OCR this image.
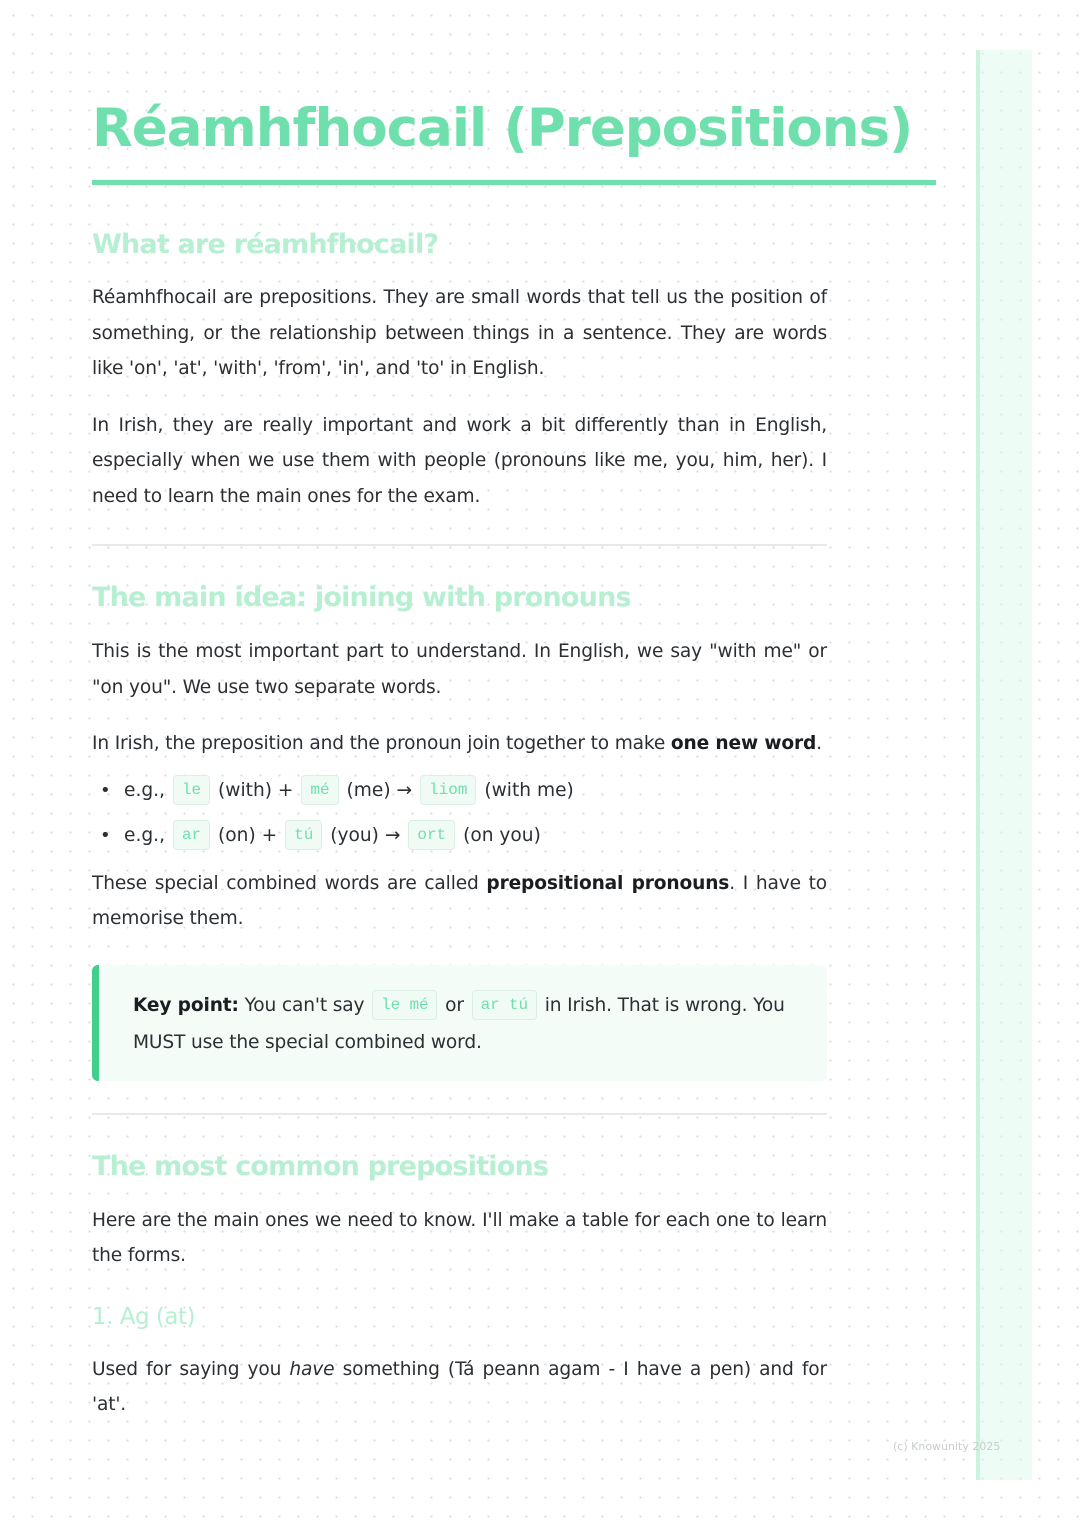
Réamhfhocail (Prepositions)
What are réamhfhocail?

Réamhfhocail are prepositions. They are small words that tell us the position of something, or the relationship between things in a sentence. They are words like 'on', 'at', 'with', 'from', 'in', and 'to' in English.

In Irish, they are really important and work a bit differently than in English, especially when we use them with people (pronouns like me, you, him, her). I need to learn the main ones for the exam.

The main idea: joining with pronouns

This is the most important part to understand. In English, we say "with me" or "on you". We use two separate words.

In Irish, the preposition and the pronoun join together to make one new word.

• e.g., le (with) + mé (me) → liom (with me)
• e.g., ar (on) + tú (you) → ort (on you)

These special combined words are called prepositional pronouns. I have to memorise them.

Key point: You can't say le mé or ar tú in Irish. That is wrong. You MUST use the special combined word.

The most common prepositions

Here are the main ones we need to know. I'll make a table for each one to learn the forms.

1. Ag (at)

Used for saying you have something (Tá peann agam - I have a pen) and for 'at'.

(c) Knowunity 2025
